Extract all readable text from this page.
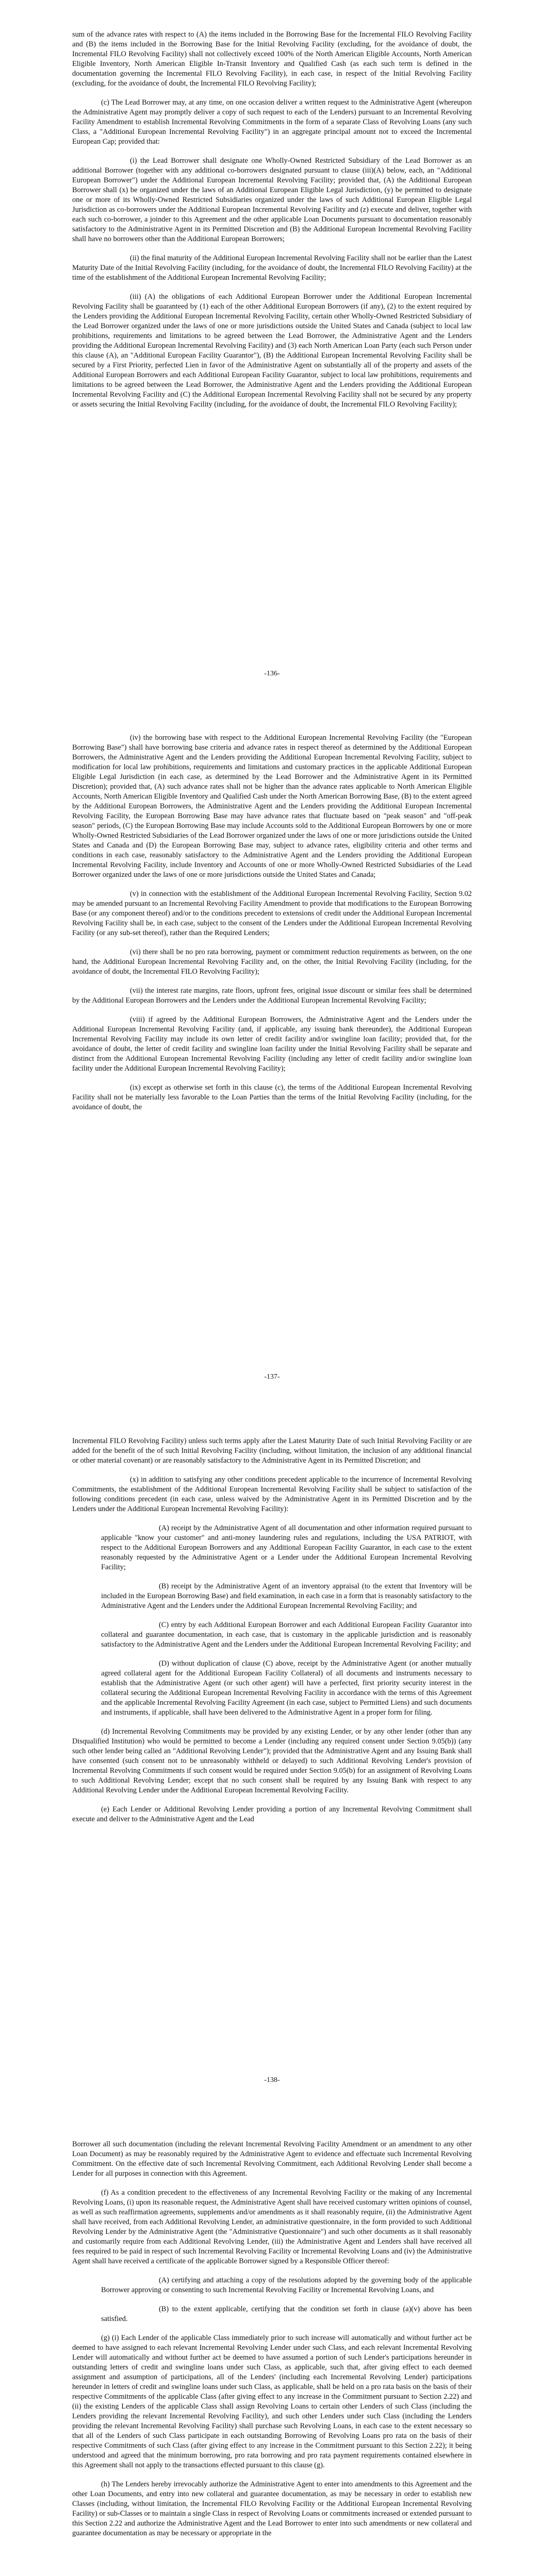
sum of the advance rates with respect to (A) the items included in the Borrowing Base for the Incremental FILO Revolving Facility and (B) the items included in the Borrowing Base for the Initial Revolving Facility (excluding, for the avoidance of doubt, the Incremental FILO Revolving Facility) shall not collectively exceed 100% of the North American Eligible Accounts, North American Eligible Inventory, North American Eligible In-Transit Inventory and Qualified Cash (as each such term is defined in the documentation governing the Incremental FILO Revolving Facility), in each case, in respect of the Initial Revolving Facility (excluding, for the avoidance of doubt, the Incremental FILO Revolving Facility);

(c) The Lead Borrower may, at any time, on one occasion deliver a written request to the Administrative Agent (whereupon the Administrative Agent may promptly deliver a copy of such request to each of the Lenders) pursuant to an Incremental Revolving Facility Amendment to establish Incremental Revolving Commitments in the form of a separate Class of Revolving Loans (any such Class, a "Additional European Incremental Revolving Facility") in an aggregate principal amount not to exceed the Incremental European Cap; provided that:

(i) the Lead Borrower shall designate one Wholly-Owned Restricted Subsidiary of the Lead Borrower as an additional Borrower (together with any additional co-borrowers designated pursuant to clause (iii)(A) below, each, an "Additional European Borrower") under the Additional European Incremental Revolving Facility; provided that, (A) the Additional European Borrower shall (x) be organized under the laws of an Additional European Eligible Legal Jurisdiction, (y) be permitted to designate one or more of its Wholly-Owned Restricted Subsidiaries organized under the laws of such Additional European Eligible Legal Jurisdiction as co-borrowers under the Additional European Incremental Revolving Facility and (z) execute and deliver, together with each such co-borrower, a joinder to this Agreement and the other applicable Loan Documents pursuant to documentation reasonably satisfactory to the Administrative Agent in its Permitted Discretion and (B) the Additional European Incremental Revolving Facility shall have no borrowers other than the Additional European Borrowers;

(ii) the final maturity of the Additional European Incremental Revolving Facility shall not be earlier than the Latest Maturity Date of the Initial Revolving Facility (including, for the avoidance of doubt, the Incremental FILO Revolving Facility) at the time of the establishment of the Additional European Incremental Revolving Facility;

(iii) (A) the obligations of each Additional European Borrower under the Additional European Incremental Revolving Facility shall be guaranteed by (1) each of the other Additional European Borrowers (if any), (2) to the extent required by the Lenders providing the Additional European Incremental Revolving Facility, certain other Wholly-Owned Restricted Subsidiary of the Lead Borrower organized under the laws of one or more jurisdictions outside the United States and Canada (subject to local law prohibitions, requirements and limitations to be agreed between the Lead Borrower, the Administrative Agent and the Lenders providing the Additional European Incremental Revolving Facility) and (3) each North American Loan Party (each such Person under this clause (A), an "Additional European Facility Guarantor"), (B) the Additional European Incremental Revolving Facility shall be secured by a First Priority, perfected Lien in favor of the Administrative Agent on substantially all of the property and assets of the Additional European Borrowers and each Additional European Facility Guarantor, subject to local law prohibitions, requirements and limitations to be agreed between the Lead Borrower, the Administrative Agent and the Lenders providing the Additional European Incremental Revolving Facility and (C) the Additional European Incremental Revolving Facility shall not be secured by any property or assets securing the Initial Revolving Facility (including, for the avoidance of doubt, the Incremental FILO Revolving Facility);

-136-

(iv) the borrowing base with respect to the Additional European Incremental Revolving Facility (the "European Borrowing Base") shall have borrowing base criteria and advance rates in respect thereof as determined by the Additional European Borrowers, the Administrative Agent and the Lenders providing the Additional European Incremental Revolving Facility, subject to modification for local law prohibitions, requirements and limitations and customary practices in the applicable Additional European Eligible Legal Jurisdiction (in each case, as determined by the Lead Borrower and the Administrative Agent in its Permitted Discretion); provided that, (A) such advance rates shall not be higher than the advance rates applicable to North American Eligible Accounts, North American Eligible Inventory and Qualified Cash under the North American Borrowing Base, (B) to the extent agreed by the Additional European Borrowers, the Administrative Agent and the Lenders providing the Additional European Incremental Revolving Facility, the European Borrowing Base may have advance rates that fluctuate based on "peak season" and "off-peak season" periods, (C) the European Borrowing Base may include Accounts sold to the Additional European Borrowers by one or more Wholly-Owned Restricted Subsidiaries of the Lead Borrower organized under the laws of one or more jurisdictions outside the United States and Canada and (D) the European Borrowing Base may, subject to advance rates, eligibility criteria and other terms and conditions in each case, reasonably satisfactory to the Administrative Agent and the Lenders providing the Additional European Incremental Revolving Facility, include Inventory and Accounts of one or more Wholly-Owned Restricted Subsidiaries of the Lead Borrower organized under the laws of one or more jurisdictions outside the United States and Canada;

(v) in connection with the establishment of the Additional European Incremental Revolving Facility, Section 9.02 may be amended pursuant to an Incremental Revolving Facility Amendment to provide that modifications to the European Borrowing Base (or any component thereof) and/or to the conditions precedent to extensions of credit under the Additional European Incremental Revolving Facility shall be, in each case, subject to the consent of the Lenders under the Additional European Incremental Revolving Facility (or any sub-set thereof), rather than the Required Lenders;

(vi) there shall be no pro rata borrowing, payment or commitment reduction requirements as between, on the one hand, the Additional European Incremental Revolving Facility and, on the other, the Initial Revolving Facility (including, for the avoidance of doubt, the Incremental FILO Revolving Facility);

(vii) the interest rate margins, rate floors, upfront fees, original issue discount or similar fees shall be determined by the Additional European Borrowers and the Lenders under the Additional European Incremental Revolving Facility;

(viii) if agreed by the Additional European Borrowers, the Administrative Agent and the Lenders under the Additional European Incremental Revolving Facility (and, if applicable, any issuing bank thereunder), the Additional European Incremental Revolving Facility may include its own letter of credit facility and/or swingline loan facility; provided that, for the avoidance of doubt, the letter of credit facility and swingline loan facility under the Initial Revolving Facility shall be separate and distinct from the Additional European Incremental Revolving Facility (including any letter of credit facility and/or swingline loan facility under the Additional European Incremental Revolving Facility);

(ix) except as otherwise set forth in this clause (c), the terms of the Additional European Incremental Revolving Facility shall not be materially less favorable to the Loan Parties than the terms of the Initial Revolving Facility (including, for the avoidance of doubt, the

-137-

Incremental FILO Revolving Facility) unless such terms apply after the Latest Maturity Date of such Initial Revolving Facility or are added for the benefit of the of such Initial Revolving Facility (including, without limitation, the inclusion of any additional financial or other material covenant) or are reasonably satisfactory to the Administrative Agent in its Permitted Discretion; and

(x) in addition to satisfying any other conditions precedent applicable to the incurrence of Incremental Revolving Commitments, the establishment of the Additional European Incremental Revolving Facility shall be subject to satisfaction of the following conditions precedent (in each case, unless waived by the Administrative Agent in its Permitted Discretion and by the Lenders under the Additional European Incremental Revolving Facility):

(A) receipt by the Administrative Agent of all documentation and other information required pursuant to applicable "know your customer" and anti-money laundering rules and regulations, including the USA PATRIOT, with respect to the Additional European Borrowers and any Additional European Facility Guarantor, in each case to the extent reasonably requested by the Administrative Agent or a Lender under the Additional European Incremental Revolving Facility;

(B) receipt by the Administrative Agent of an inventory appraisal (to the extent that Inventory will be included in the European Borrowing Base) and field examination, in each case in a form that is reasonably satisfactory to the Administrative Agent and the Lenders under the Additional European Incremental Revolving Facility; and

(C) entry by each Additional European Borrower and each Additional European Facility Guarantor into collateral and guarantee documentation, in each case, that is customary in the applicable jurisdiction and is reasonably satisfactory to the Administrative Agent and the Lenders under the Additional European Incremental Revolving Facility; and

(D) without duplication of clause (C) above, receipt by the Administrative Agent (or another mutually agreed collateral agent for the Additional European Facility Collateral) of all documents and instruments necessary to establish that the Administrative Agent (or such other agent) will have a perfected, first priority security interest in the collateral securing the Additional European Incremental Revolving Facility in accordance with the terms of this Agreement and the applicable Incremental Revolving Facility Agreement (in each case, subject to Permitted Liens) and such documents and instruments, if applicable, shall have been delivered to the Administrative Agent in a proper form for filing.

(d) Incremental Revolving Commitments may be provided by any existing Lender, or by any other lender (other than any Disqualified Institution) who would be permitted to become a Lender (including any required consent under Section 9.05(b)) (any such other lender being called an "Additional Revolving Lender"); provided that the Administrative Agent and any Issuing Bank shall have consented (such consent not to be unreasonably withheld or delayed) to such Additional Revolving Lender's provision of Incremental Revolving Commitments if such consent would be required under Section 9.05(b) for an assignment of Revolving Loans to such Additional Revolving Lender; except that no such consent shall be required by any Issuing Bank with respect to any Additional Revolving Lender under the Additional European Incremental Revolving Facility.

(e) Each Lender or Additional Revolving Lender providing a portion of any Incremental Revolving Commitment shall execute and deliver to the Administrative Agent and the Lead

-138-

Borrower all such documentation (including the relevant Incremental Revolving Facility Amendment or an amendment to any other Loan Document) as may be reasonably required by the Administrative Agent to evidence and effectuate such Incremental Revolving Commitment. On the effective date of such Incremental Revolving Commitment, each Additional Revolving Lender shall become a Lender for all purposes in connection with this Agreement.

(f) As a condition precedent to the effectiveness of any Incremental Revolving Facility or the making of any Incremental Revolving Loans, (i) upon its reasonable request, the Administrative Agent shall have received customary written opinions of counsel, as well as such reaffirmation agreements, supplements and/or amendments as it shall reasonably require, (ii) the Administrative Agent shall have received, from each Additional Revolving Lender, an administrative questionnaire, in the form provided to such Additional Revolving Lender by the Administrative Agent (the "Administrative Questionnaire") and such other documents as it shall reasonably and customarily require from each Additional Revolving Lender, (iii) the Administrative Agent and Lenders shall have received all fees required to be paid in respect of such Incremental Revolving Facility or Incremental Revolving Loans and (iv) the Administrative Agent shall have received a certificate of the applicable Borrower signed by a Responsible Officer thereof:

(A) certifying and attaching a copy of the resolutions adopted by the governing body of the applicable Borrower approving or consenting to such Incremental Revolving Facility or Incremental Revolving Loans, and

(B) to the extent applicable, certifying that the condition set forth in clause (a)(v) above has been satisfied.

(g) (i) Each Lender of the applicable Class immediately prior to such increase will automatically and without further act be deemed to have assigned to each relevant Incremental Revolving Lender under such Class, and each relevant Incremental Revolving Lender will automatically and without further act be deemed to have assumed a portion of such Lender's participations hereunder in outstanding letters of credit and swingline loans under such Class, as applicable, such that, after giving effect to each deemed assignment and assumption of participations, all of the Lenders' (including each Incremental Revolving Lender) participations hereunder in letters of credit and swingline loans under such Class, as applicable, shall be held on a pro rata basis on the basis of their respective Commitments of the applicable Class (after giving effect to any increase in the Commitment pursuant to Section 2.22) and (ii) the existing Lenders of the applicable Class shall assign Revolving Loans to certain other Lenders of such Class (including the Lenders providing the relevant Incremental Revolving Facility), and such other Lenders under such Class (including the Lenders providing the relevant Incremental Revolving Facility) shall purchase such Revolving Loans, in each case to the extent necessary so that all of the Lenders of such Class participate in each outstanding Borrowing of Revolving Loans pro rata on the basis of their respective Commitments of such Class (after giving effect to any increase in the Commitment pursuant to this Section 2.22); it being understood and agreed that the minimum borrowing, pro rata borrowing and pro rata payment requirements contained elsewhere in this Agreement shall not apply to the transactions effected pursuant to this clause (g).

(h) The Lenders hereby irrevocably authorize the Administrative Agent to enter into amendments to this Agreement and the other Loan Documents, and entry into new collateral and guarantee documentation, as may be necessary in order to establish new Classes (including, without limitation, the Incremental FILO Revolving Facility or the Additional European Incremental Revolving Facility) or sub-Classes or to maintain a single Class in respect of Revolving Loans or commitments increased or extended pursuant to this Section 2.22 and authorize the Administrative Agent and the Lead Borrower to enter into such amendments or new collateral and guarantee documentation as may be necessary or appropriate in the
